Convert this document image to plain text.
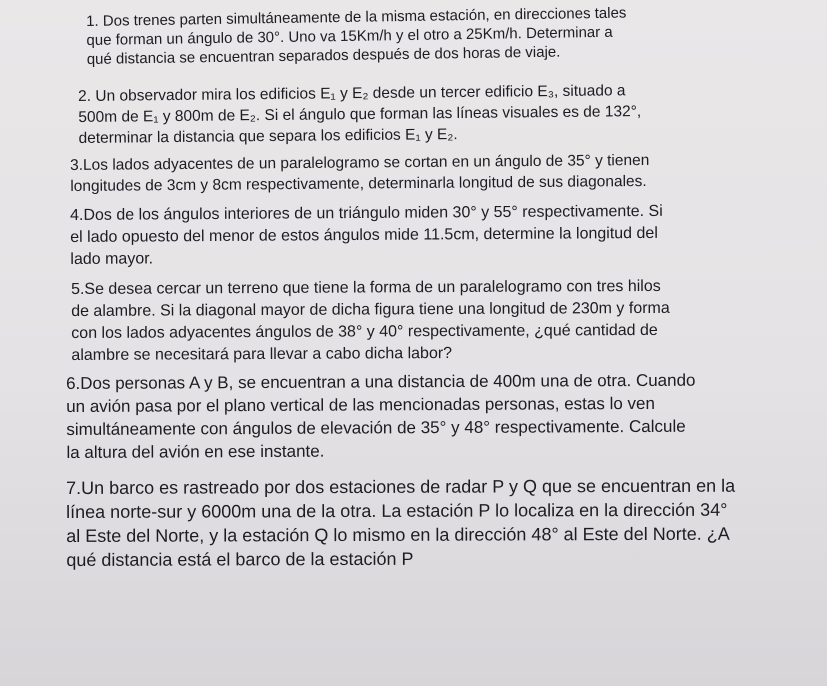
1. Dos trenes parten simultáneamente de la misma estación, en direcciones tales
que forman un ángulo de 30°. Uno va 15Km/h y el otro a 25Km/h. Determinar a
qué distancia se encuentran separados después de dos horas de viaje.
2. Un observador mira los edificios E₁ y E₂ desde un tercer edificio E₃, situado a
500m de E₁ y 800m de E₂. Si el ángulo que forman las líneas visuales es de 132°,
determinar la distancia que separa los edificios E₁ y E₂.
3.Los lados adyacentes de un paralelogramo se cortan en un ángulo de 35° y tienen
longitudes de 3cm y 8cm respectivamente, determinarla longitud de sus diagonales.
4.Dos de los ángulos interiores de un triángulo miden 30° y 55° respectivamente. Si
el lado opuesto del menor de estos ángulos mide 11.5cm, determine la longitud del
lado mayor.
5.Se desea cercar un terreno que tiene la forma de un paralelogramo con tres hilos
de alambre. Si la diagonal mayor de dicha figura tiene una longitud de 230m y forma
con los lados adyacentes ángulos de 38° y 40° respectivamente, ¿qué cantidad de
alambre se necesitará para llevar a cabo dicha labor?
6.Dos personas A y B, se encuentran a una distancia de 400m una de otra. Cuando
un avión pasa por el plano vertical de las mencionadas personas, estas lo ven
simultáneamente con ángulos de elevación de 35° y 48° respectivamente. Calcule
la altura del avión en ese instante.
7.Un barco es rastreado por dos estaciones de radar P y Q que se encuentran en la
línea norte-sur y 6000m una de la otra. La estación P lo localiza en la dirección 34°
al Este del Norte, y la estación Q lo mismo en la dirección 48° al Este del Norte. ¿A
qué distancia está el barco de la estación P
